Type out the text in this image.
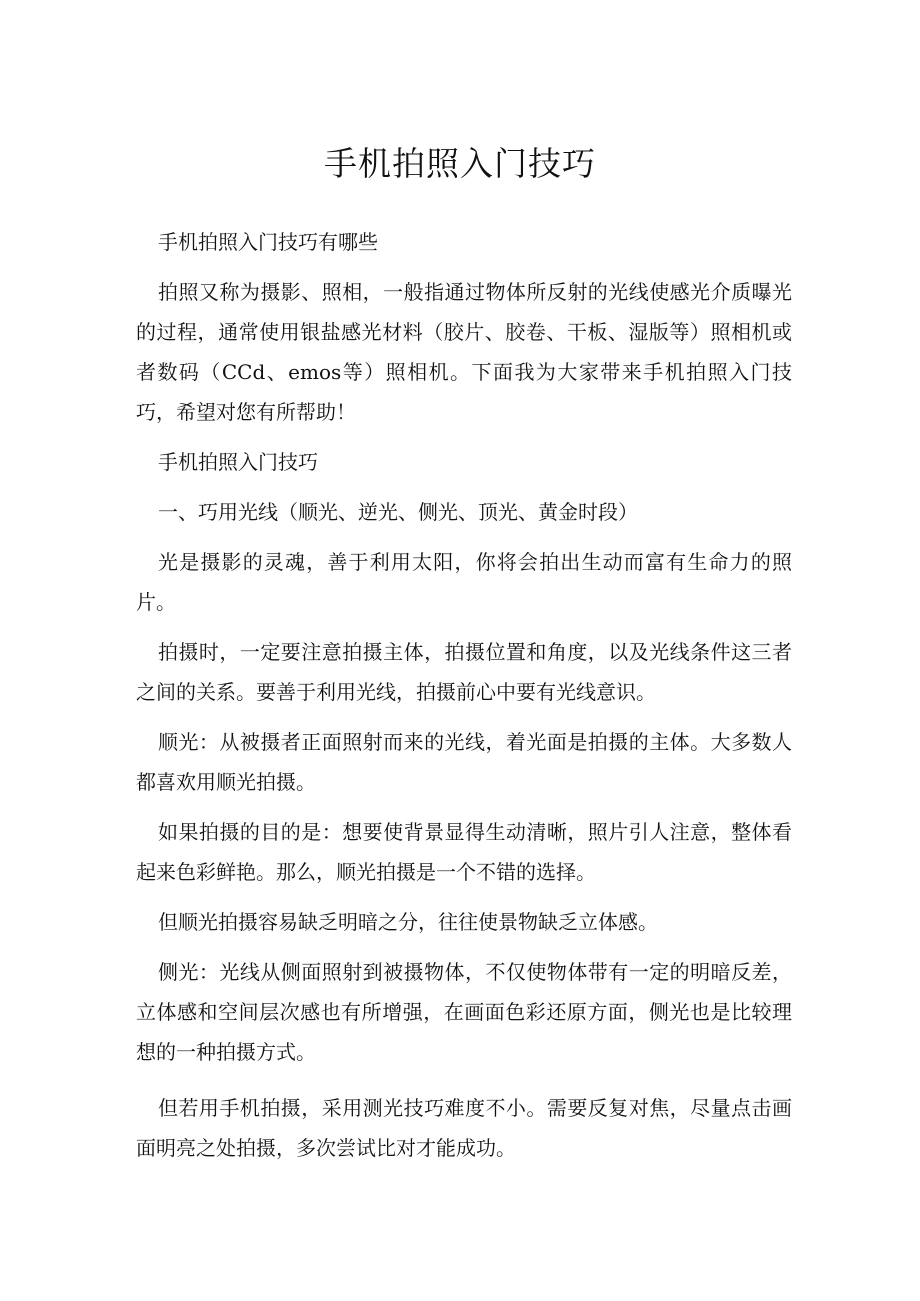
手机拍照入门技巧

手机拍照入门技巧有哪些

拍照又称为摄影、照相，一般指通过物体所反射的光线使感光介质曝光的过程，通常使用银盐感光材料（胶片、胶卷、干板、湿版等）照相机或者数码（CCd、emos等）照相机。下面我为大家带来手机拍照入门技巧，希望对您有所帮助！

手机拍照入门技巧

一、巧用光线（顺光、逆光、侧光、顶光、黄金时段）

光是摄影的灵魂，善于利用太阳，你将会拍出生动而富有生命力的照片。

拍摄时，一定要注意拍摄主体，拍摄位置和角度，以及光线条件这三者之间的关系。要善于利用光线，拍摄前心中要有光线意识。

顺光：从被摄者正面照射而来的光线，着光面是拍摄的主体。大多数人都喜欢用顺光拍摄。

如果拍摄的目的是：想要使背景显得生动清晰，照片引人注意，整体看起来色彩鲜艳。那么，顺光拍摄是一个不错的选择。

但顺光拍摄容易缺乏明暗之分，往往使景物缺乏立体感。

侧光：光线从侧面照射到被摄物体，不仅使物体带有一定的明暗反差，立体感和空间层次感也有所增强，在画面色彩还原方面，侧光也是比较理想的一种拍摄方式。

但若用手机拍摄，采用测光技巧难度不小。需要反复对焦，尽量点击画面明亮之处拍摄，多次尝试比对才能成功。
